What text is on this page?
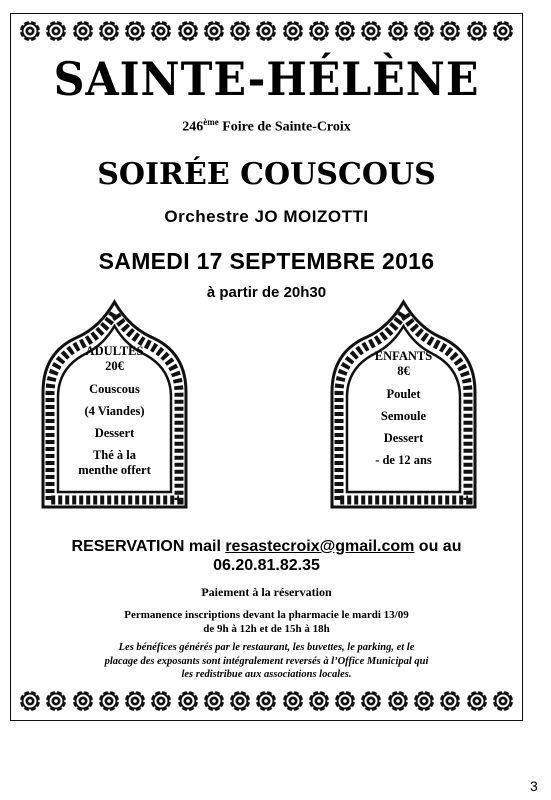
SAINTE-HÉLÈNE
246ème Foire de Sainte-Croix
SOIRÉE COUSCOUS
Orchestre JO MOIZOTTI
SAMEDI 17 SEPTEMBRE 2016
à partir de 20h30
ADULTES
20€
Couscous
(4 Viandes)
Dessert
Thé à la
menthe offert
ENFANTS
8€
Poulet
Semoule
Dessert
- de 12 ans
RESERVATION mail resastecroix@gmail.com ou au
06.20.81.82.35
Paiement à la réservation
Permanence inscriptions devant la pharmacie le mardi 13/09
de 9h à 12h et de 15h à 18h
Les bénéfices générés par le restaurant, les buvettes, le parking, et le
placage des exposants sont intégralement reversés à l’Office Municipal qui
les redistribue aux associations locales.
3
